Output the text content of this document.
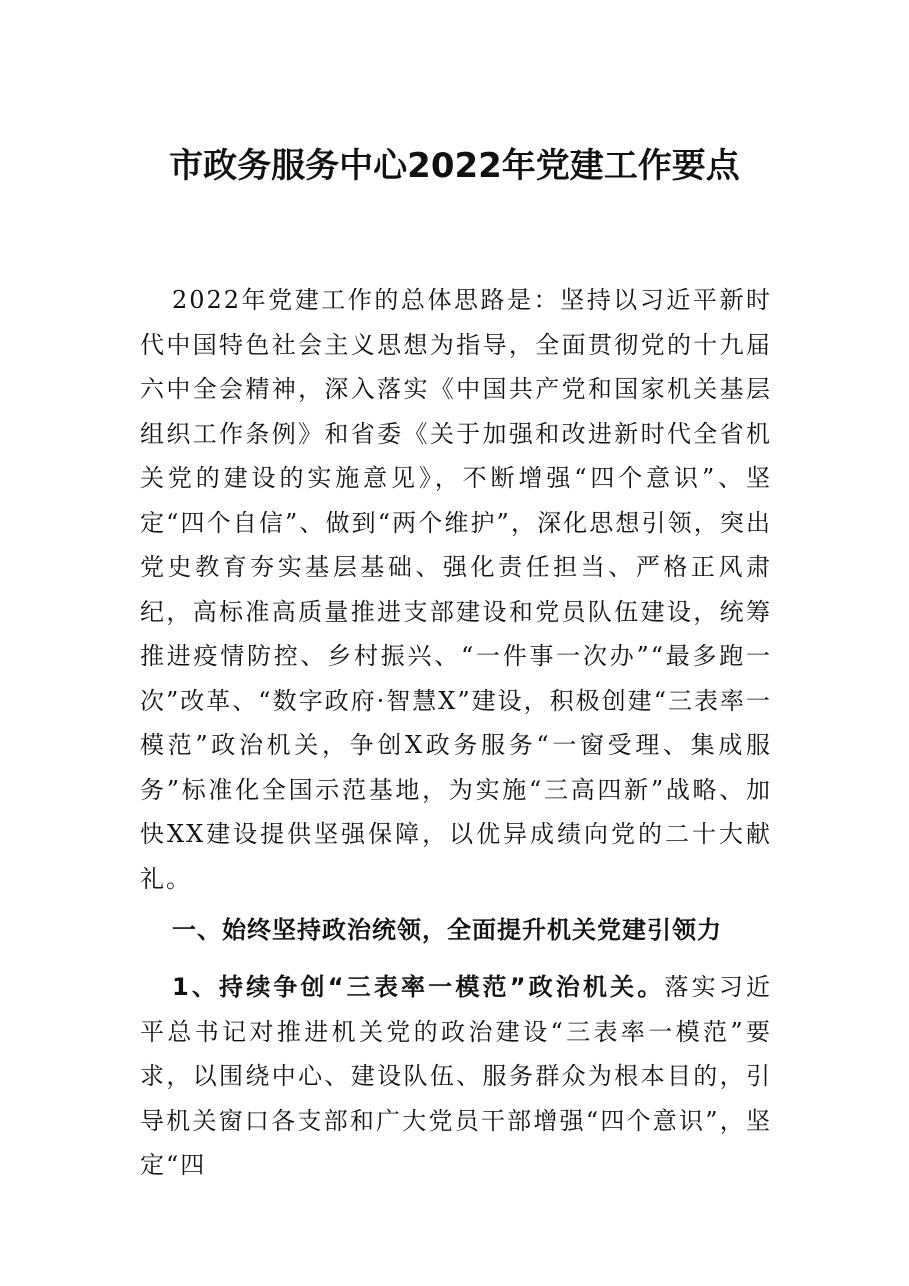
市政务服务中心2022年党建工作要点

2022年党建工作的总体思路是：坚持以习近平新时代中国特色社会主义思想为指导，全面贯彻党的十九届六中全会精神，深入落实《中国共产党和国家机关基层组织工作条例》和省委《关于加强和改进新时代全省机关党的建设的实施意见》，不断增强“四个意识”、坚定“四个自信”、做到“两个维护”，深化思想引领，突出党史教育夯实基层基础、强化责任担当、严格正风肃纪，高标准高质量推进支部建设和党员队伍建设，统筹推进疫情防控、乡村振兴、“一件事一次办”“最多跑一次”改革、“数字政府·智慧X”建设，积极创建“三表率一模范”政治机关，争创X政务服务“一窗受理、集成服务”标准化全国示范基地，为实施“三高四新”战略、加快XX建设提供坚强保障，以优异成绩向党的二十大献礼。

一、始终坚持政治统领，全面提升机关党建引领力

1、持续争创“三表率一模范”政治机关。落实习近平总书记对推进机关党的政治建设“三表率一模范”要求，以围绕中心、建设队伍、服务群众为根本目的，引导机关窗口各支部和广大党员干部增强“四个意识”，坚定“四
